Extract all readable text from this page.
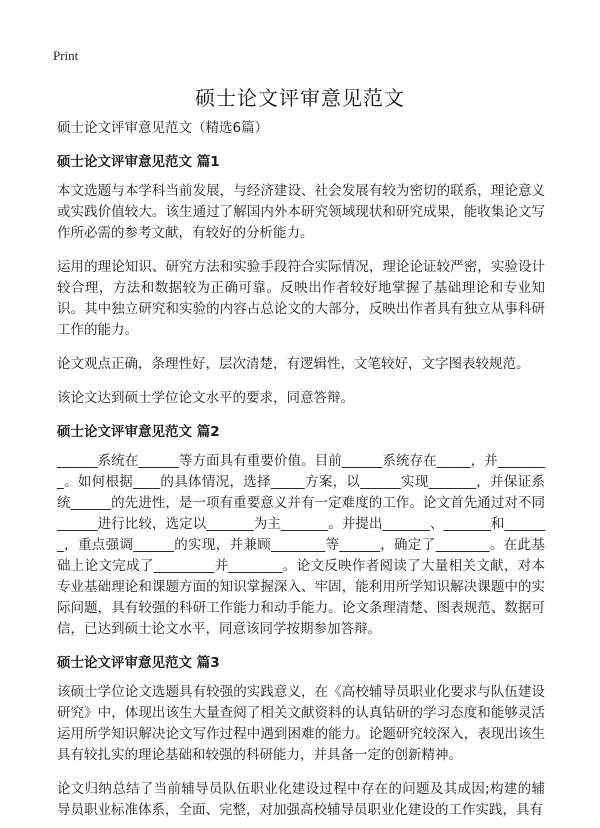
Print
硕士论文评审意见范文
硕士论文评审意见范文（精选6篇）
硕士论文评审意见范文 篇1

本文选题与本学科当前发展，与经济建设、社会发展有较为密切的联系，理论意义或实践价值较大。该生通过了解国内外本研究领域现状和研究成果，能收集论文写作所必需的参考文献，有较好的分析能力。

运用的理论知识、研究方法和实验手段符合实际情况，理论论证较严密，实验设计较合理，方法和数据较为正确可靠。反映出作者较好地掌握了基础理论和专业知识。其中独立研究和实验的内容占总论文的大部分，反映出作者具有独立从事科研工作的能力。

论文观点正确，条理性好，层次清楚，有逻辑性，文笔较好，文字图表较规范。

该论文达到硕士学位论文水平的要求，同意答辩。

硕士论文评审意见范文 篇2

______系统在______等方面具有重要价值。目前______系统存在_____，并________。如何根据____的具体情况，选择_____方案，以______实现_______，并保证系统______的先进性，是一项有重要意义并有一定难度的工作。论文首先通过对不同______进行比较，选定以_______为主_______。并提出_______、_______和_______，重点强调______的实现，并兼顾________等______，确定了________。在此基础上论文完成了_________并________。论文反映作者阅读了大量相关文献，对本专业基础理论和课题方面的知识掌握深入、牢固，能利用所学知识解决课题中的实际问题，具有较强的科研工作能力和动手能力。论文条理清楚、图表规范、数据可信，已达到硕士论文水平，同意该同学按期参加答辩。

硕士论文评审意见范文 篇3

该硕士学位论文选题具有较强的实践意义，在《高校辅导员职业化要求与队伍建设研究》中，体现出该生大量查阅了相关文献资料的认真钻研的学习态度和能够灵活运用所学知识解决论文写作过程中遇到困难的能力。论题研究较深入，表现出该生具有较扎实的理论基础和较强的科研能力，并具备一定的创新精神。

论文归纳总结了当前辅导员队伍职业化建设过程中存在的问题及其成因;构建的辅导员职业标准体系，全面、完整，对加强高校辅导员职业化建设的工作实践，具有
